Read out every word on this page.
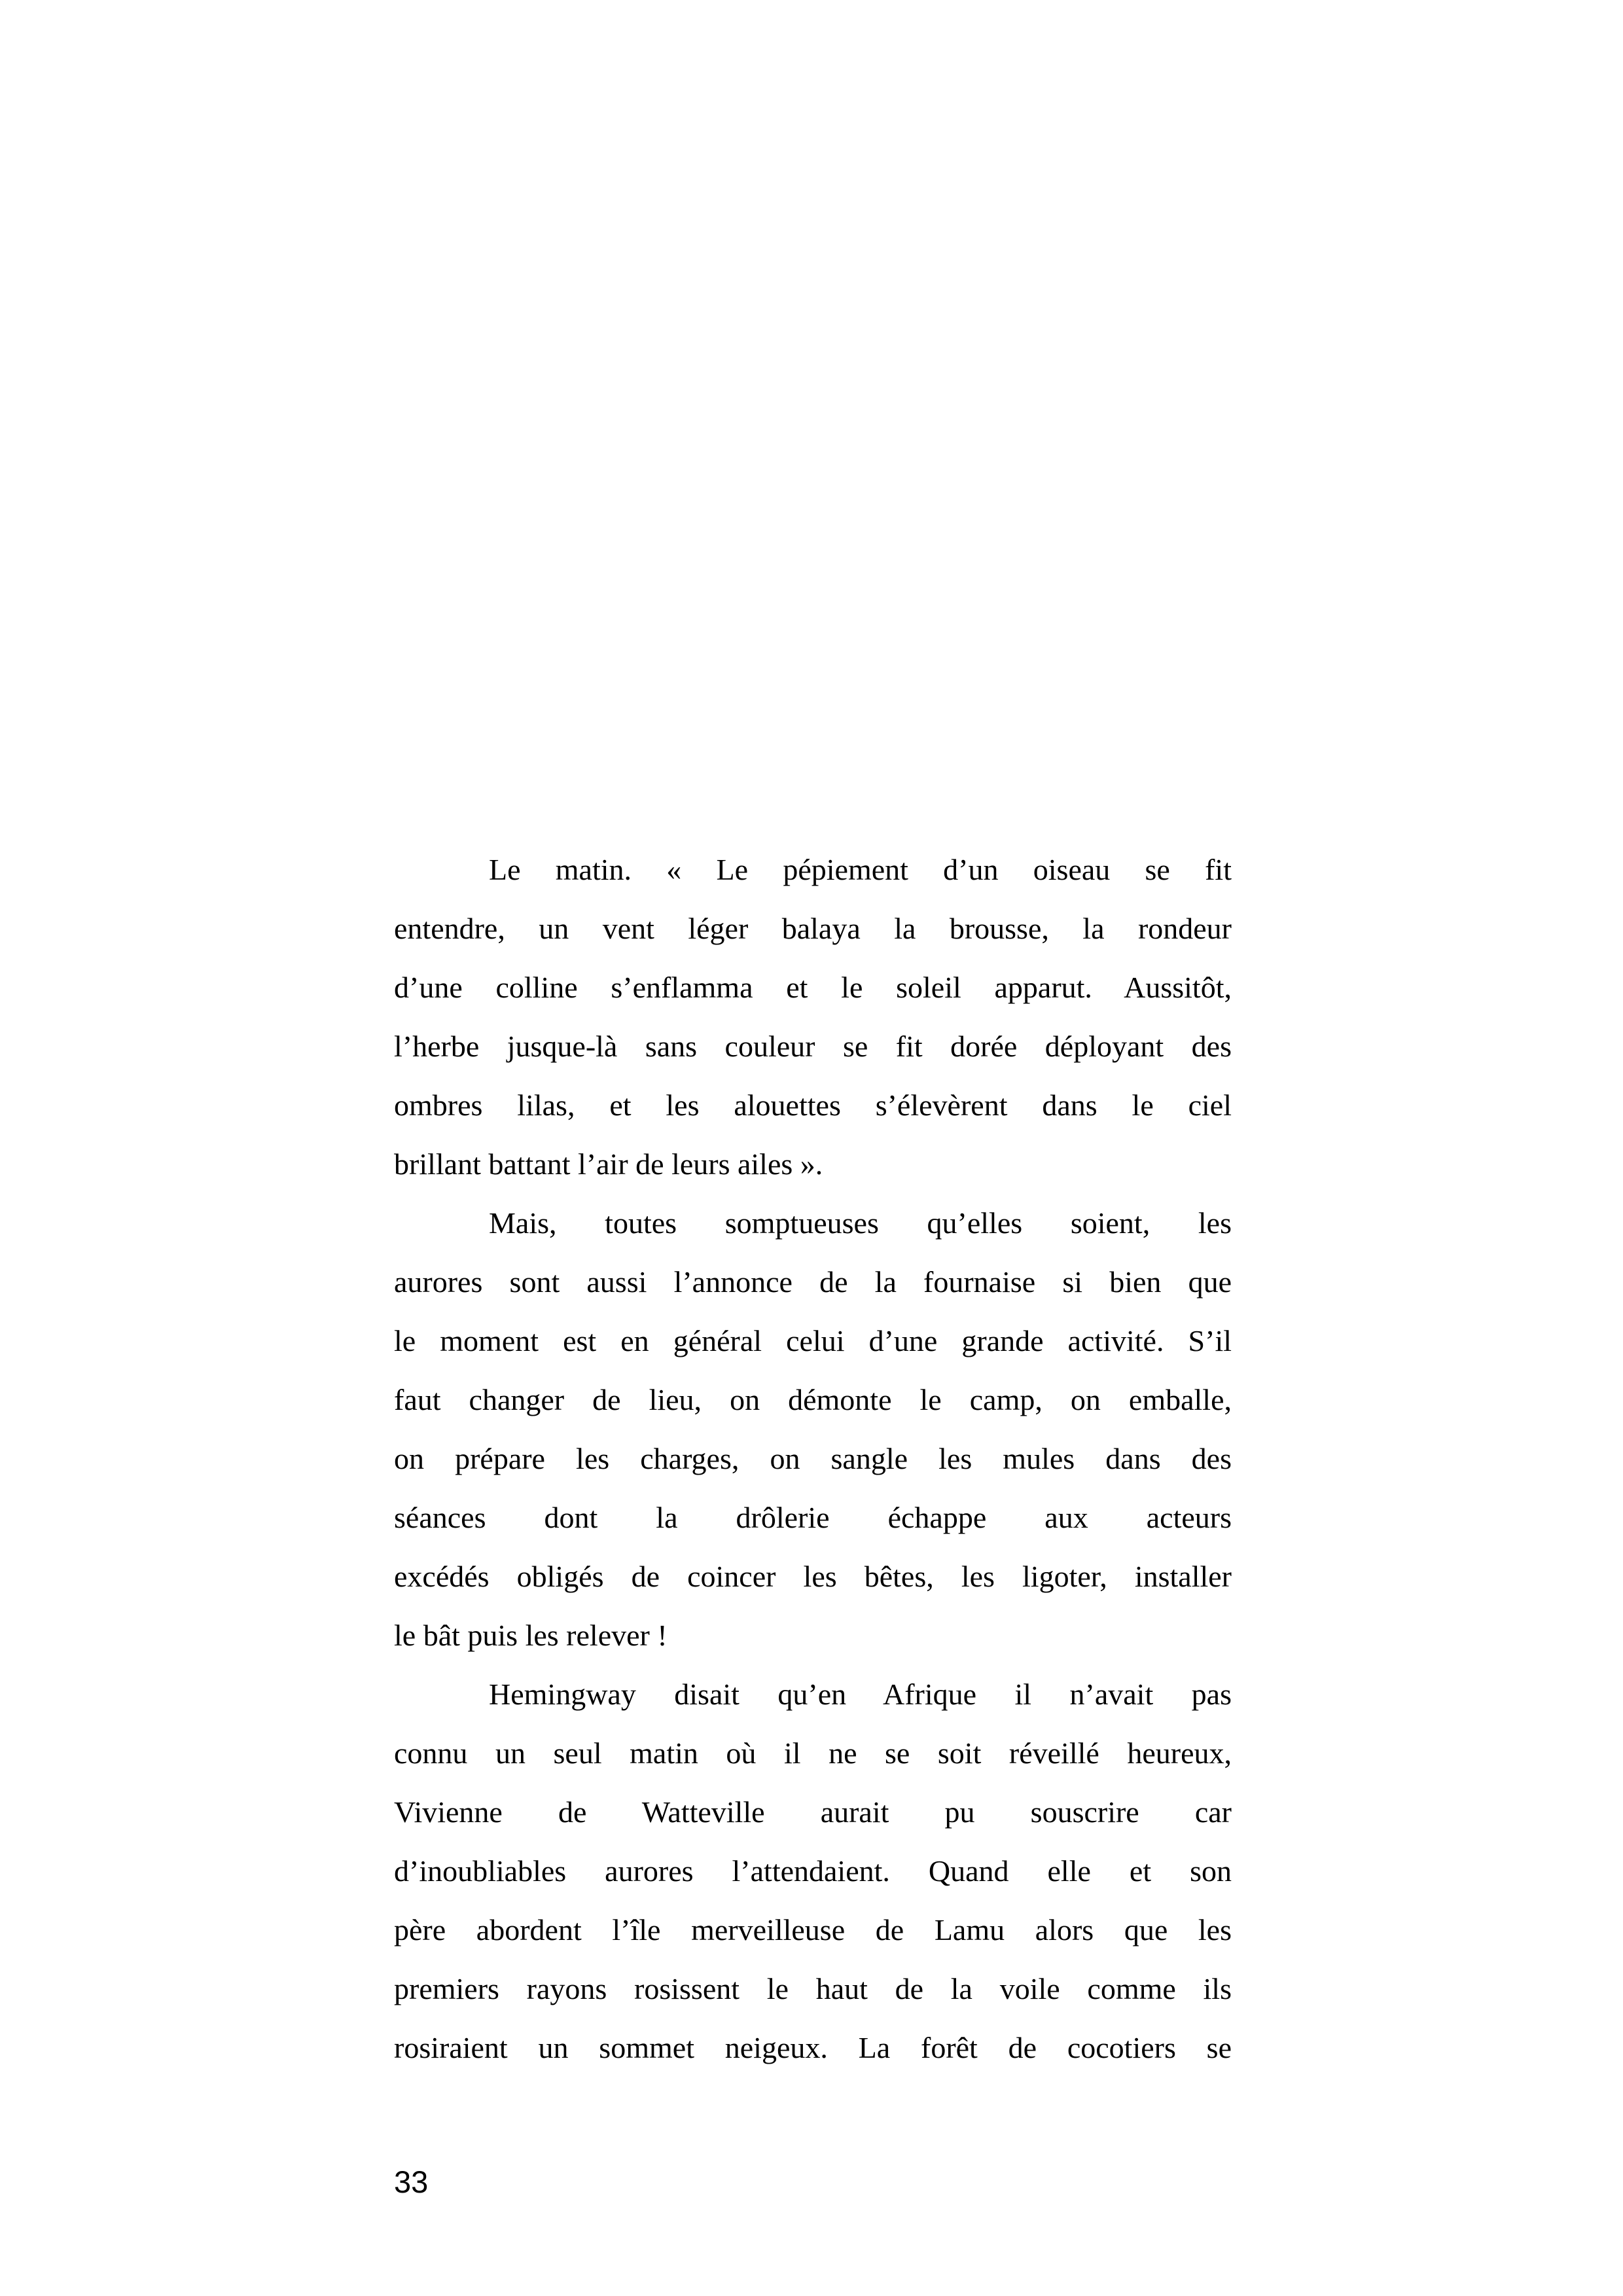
Le matin. « Le pépiement d’un oiseau se fit
entendre, un vent léger balaya la brousse, la rondeur
d’une colline s’enflamma et le soleil apparut. Aussitôt,
l’herbe jusque-là sans couleur se fit dorée déployant des
ombres lilas, et les alouettes s’élevèrent dans le ciel
brillant battant l’air de leurs ailes ».
Mais, toutes somptueuses qu’elles soient, les
aurores sont aussi l’annonce de la fournaise si bien que
le moment est en général celui d’une grande activité. S’il
faut changer de lieu, on démonte le camp, on emballe,
on prépare les charges, on sangle les mules dans des
séances dont la drôlerie échappe aux acteurs
excédés obligés de coincer les bêtes, les ligoter, installer
le bât puis les relever !
Hemingway disait qu’en Afrique il n’avait pas
connu un seul matin où il ne se soit réveillé heureux,
Vivienne de Watteville aurait pu souscrire car
d’inoubliables aurores l’attendaient. Quand elle et son
père abordent l’île merveilleuse de Lamu alors que les
premiers rayons rosissent le haut de la voile comme ils
rosiraient un sommet neigeux. La forêt de cocotiers se
33
